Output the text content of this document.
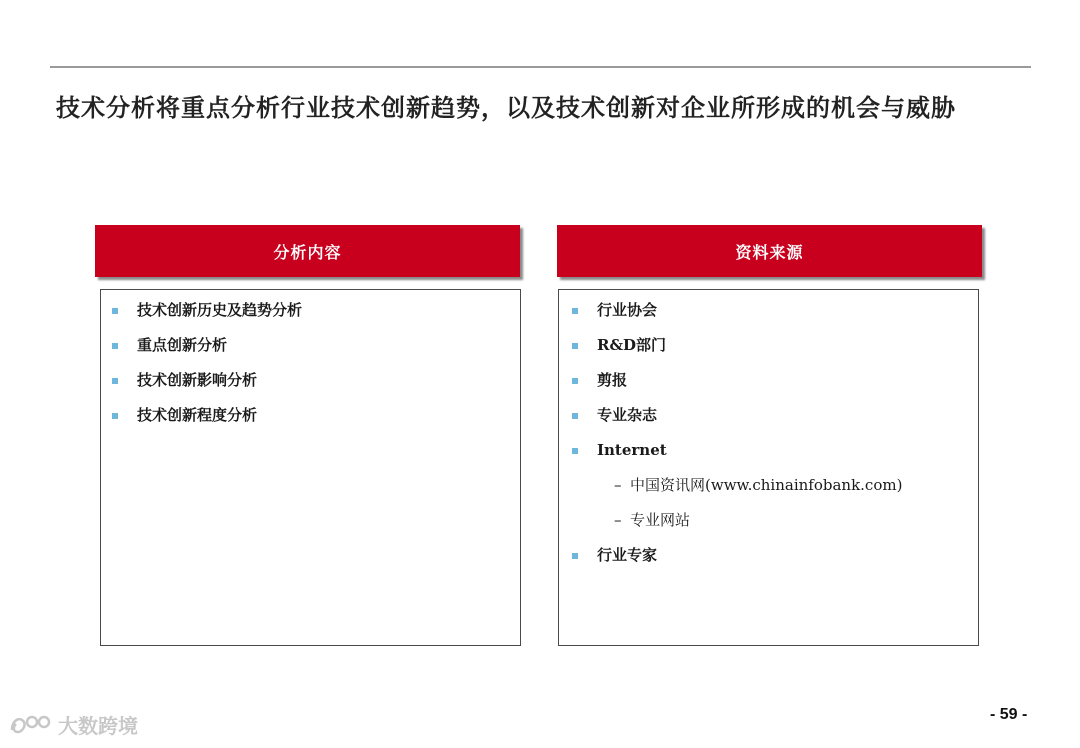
技术分析将重点分析行业技术创新趋势，以及技术创新对企业所形成的机会与威胁
分析内容
技术创新历史及趋势分析
重点创新分析
技术创新影响分析
技术创新程度分析
资料来源
行业协会
R&D部门
剪报
专业杂志
Internet
– 中国资讯网(www.chinainfobank.com)
– 专业网站
行业专家
大数跨境	- 59 -
